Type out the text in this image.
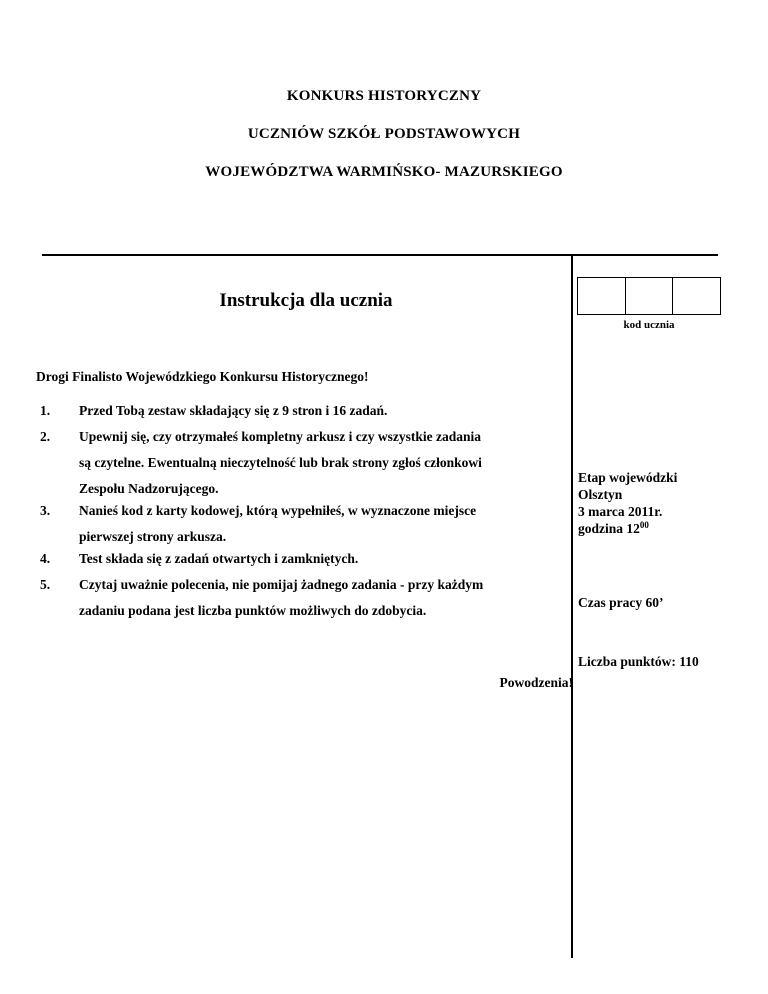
KONKURS HISTORYCZNY
UCZNIÓW SZKÓŁ PODSTAWOWYCH
WOJEWÓDZTWA WARMIŃSKO- MAZURSKIEGO
Instrukcja dla ucznia
kod ucznia
Drogi Finalisto Wojewódzkiego Konkursu Historycznego!
1. Przed Tobą zestaw składający się z 9 stron i 16 zadań.
2. Upewnij się, czy otrzymałeś kompletny arkusz i czy wszystkie zadania
są czytelne. Ewentualną nieczytelność lub brak strony zgłoś członkowi
Zespołu Nadzorującego.
3. Nanieś kod z karty kodowej, którą wypełniłeś, w wyznaczone miejsce
pierwszej strony arkusza.
4. Test składa się z zadań otwartych i zamkniętych.
5. Czytaj uważnie polecenia, nie pomijaj żadnego zadania - przy każdym
zadaniu podana jest liczba punktów możliwych do zdobycia.
Etap wojewódzki
Olsztyn
3 marca 2011r.
godzina $12^{00}$
Czas pracy 60’
Liczba punktów: 110
Powodzenia!
